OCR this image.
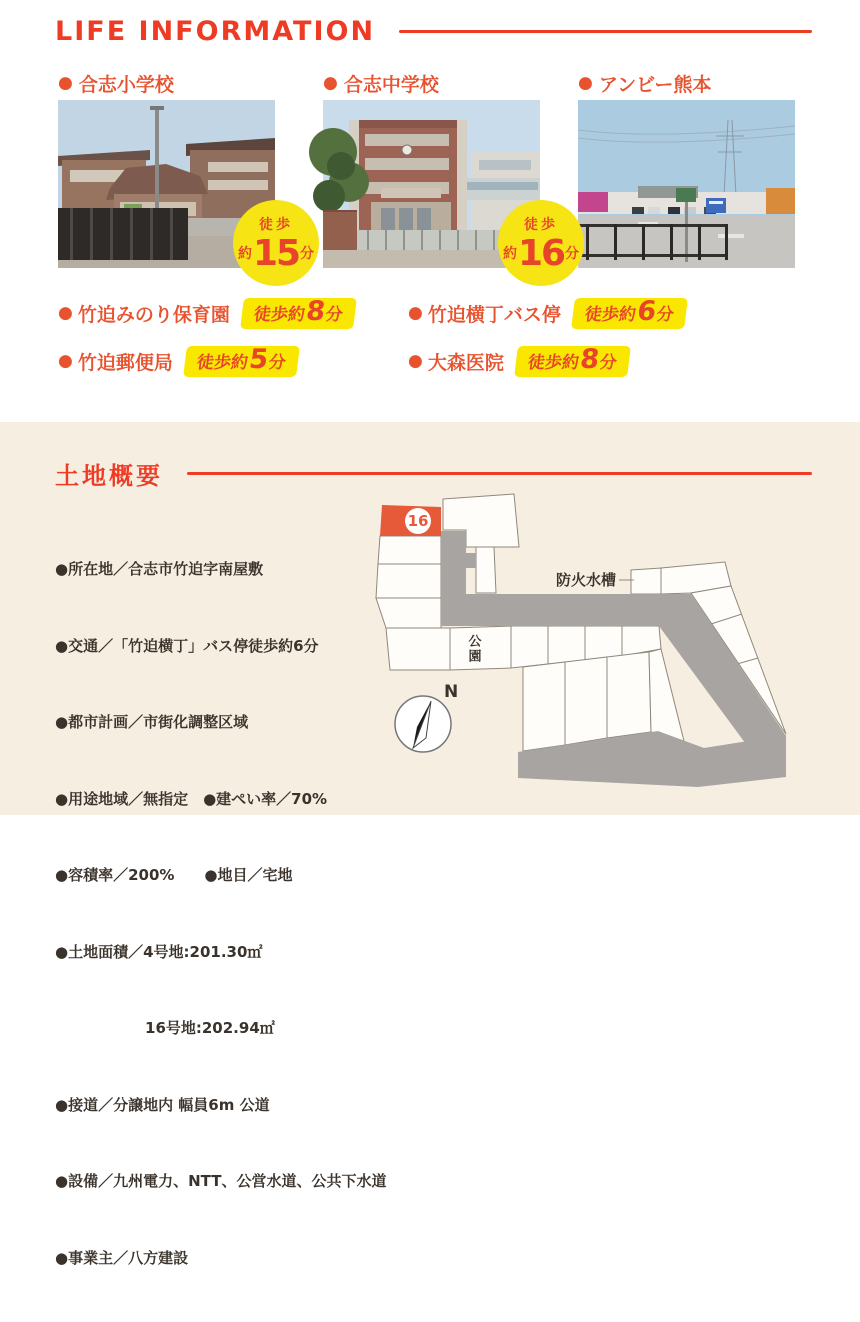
LIFE INFORMATION
● 合志小学校
徒歩
約 15 分
● 合志中学校
徒歩
約 16 分
● アンビー熊本
● 竹迫みのり保育園 徒歩約
8
分	● 竹迫横丁バス停 徒歩約
6
分
● 竹迫郵便局 徒歩約
5
分	● 大森医院 徒歩約
8
分
土地概要

●所在地／合志市竹迫字南屋敷

●交通／「竹迫横丁」バス停徒歩約6分

●都市計画／市街化調整区域

●用途地域／無指定　●建ぺい率／70%

●容積率／200%　　●地目／宅地

●土地面積／4号地:201.30㎡

　　　　　　16号地:202.94㎡

●接道／分譲地内 幅員6m 公道

●設備／九州電力、NTT、公営水道、公共下水道

●事業主／八方建設

16
防火水槽
公園
N
